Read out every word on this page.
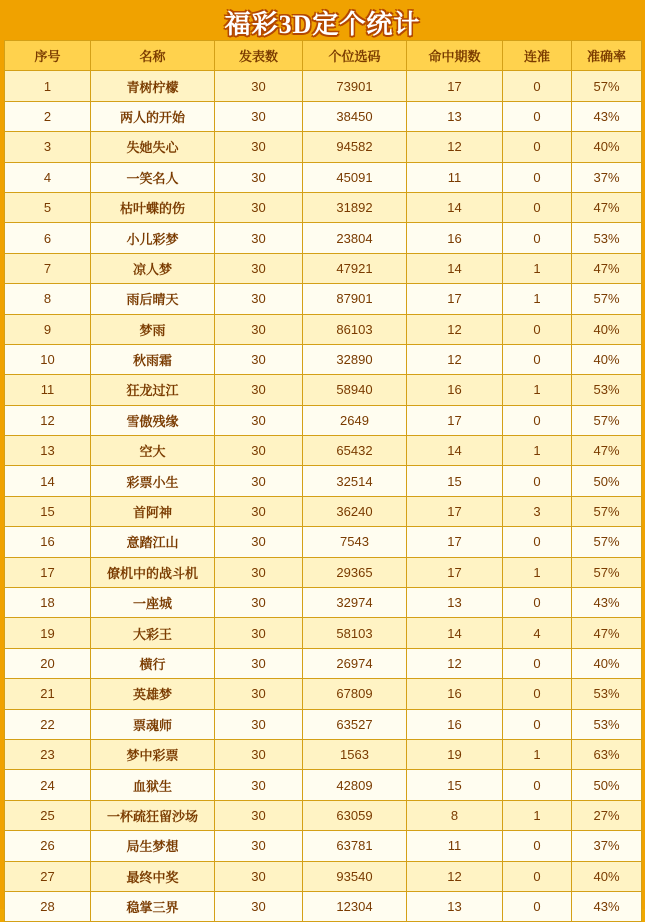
福彩3D定个统计
序号	名称	发表数	个位选码	命中期数	连准	准确率
1	青树柠檬	30	73901	17	0	57%
2	两人的开始	30	38450	13	0	43%
3	失她失心	30	94582	12	0	40%
4	一笑名人	30	45091	11	0	37%
5	枯叶蝶的伤	30	31892	14	0	47%
6	小儿彩梦	30	23804	16	0	53%
7	凉人梦	30	47921	14	1	47%
8	雨后晴天	30	87901	17	1	57%
9	梦雨	30	86103	12	0	40%
10	秋雨霜	30	32890	12	0	40%
11	狂龙过江	30	58940	16	1	53%
12	雪傲残缘	30	2649	17	0	57%
13	空大	30	65432	14	1	47%
14	彩票小生	30	32514	15	0	50%
15	首阿神	30	36240	17	3	57%
16	意踏江山	30	7543	17	0	57%
17	僚机中的战斗机	30	29365	17	1	57%
18	一座城	30	32974	13	0	43%
19	大彩王	30	58103	14	4	47%
20	横行	30	26974	12	0	40%
21	英雄梦	30	67809	16	0	53%
22	票魂师	30	63527	16	0	53%
23	梦中彩票	30	1563	19	1	63%
24	血狱生	30	42809	15	0	50%
25	一杯疏狂留沙场	30	63059	8	1	27%
26	局生梦想	30	63781	11	0	37%
27	最终中奖	30	93540	12	0	40%
28	稳掌三界	30	12304	13	0	43%
